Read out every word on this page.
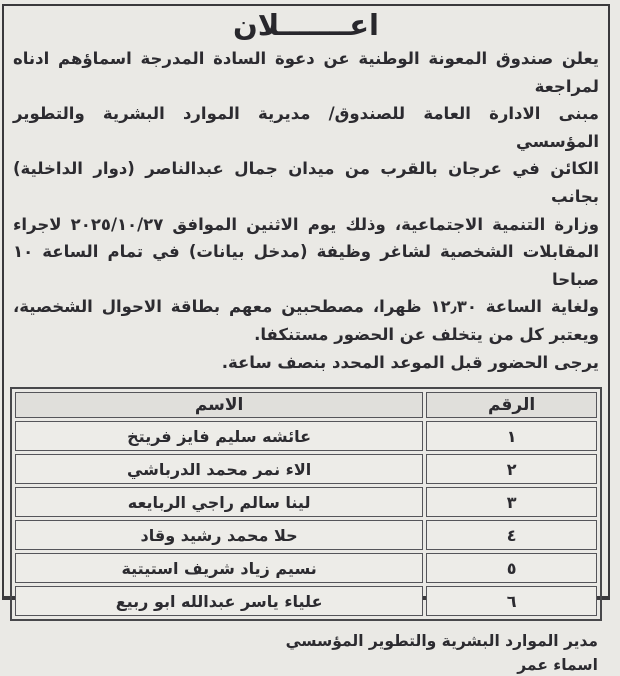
اعـــــــلان
يعلن صندوق المعونة الوطنية عن دعوة السادة المدرجة اسماؤهم ادناه لمراجعة
مبنى الادارة العامة للصندوق/ مديرية الموارد البشرية والتطوير المؤسسي
الكائن في عرجان بالقرب من ميدان جمال عبدالناصر (دوار الداخلية) بجانب
وزارة التنمية الاجتماعية، وذلك يوم الاثنين الموافق ٢٠٢٥/١٠/٢٧ لاجراء
المقابلات الشخصية لشاغر وظيفة (مدخل بيانات) في تمام الساعة ١٠ صباحا
ولغاية الساعة ١٢٫٣٠ ظهرا، مصطحبين معهم بطاقة الاحوال الشخصية،
ويعتبر كل من يتخلف عن الحضور مستنكفا.
يرجى الحضور قبل الموعد المحدد بنصف ساعة.
الرقم	الاسم
١	عائشه سليم فايز فريتخ
٢	الاء نمر محمد الدرباشي
٣	لينا سالم راجي الربايعه
٤	حلا محمد رشيد وقاد
٥	نسيم زياد شريف استيتية
٦	علياء ياسر عبدالله ابو ربيع
مدير الموارد البشرية والتطوير المؤسسي
اسماء عمر
